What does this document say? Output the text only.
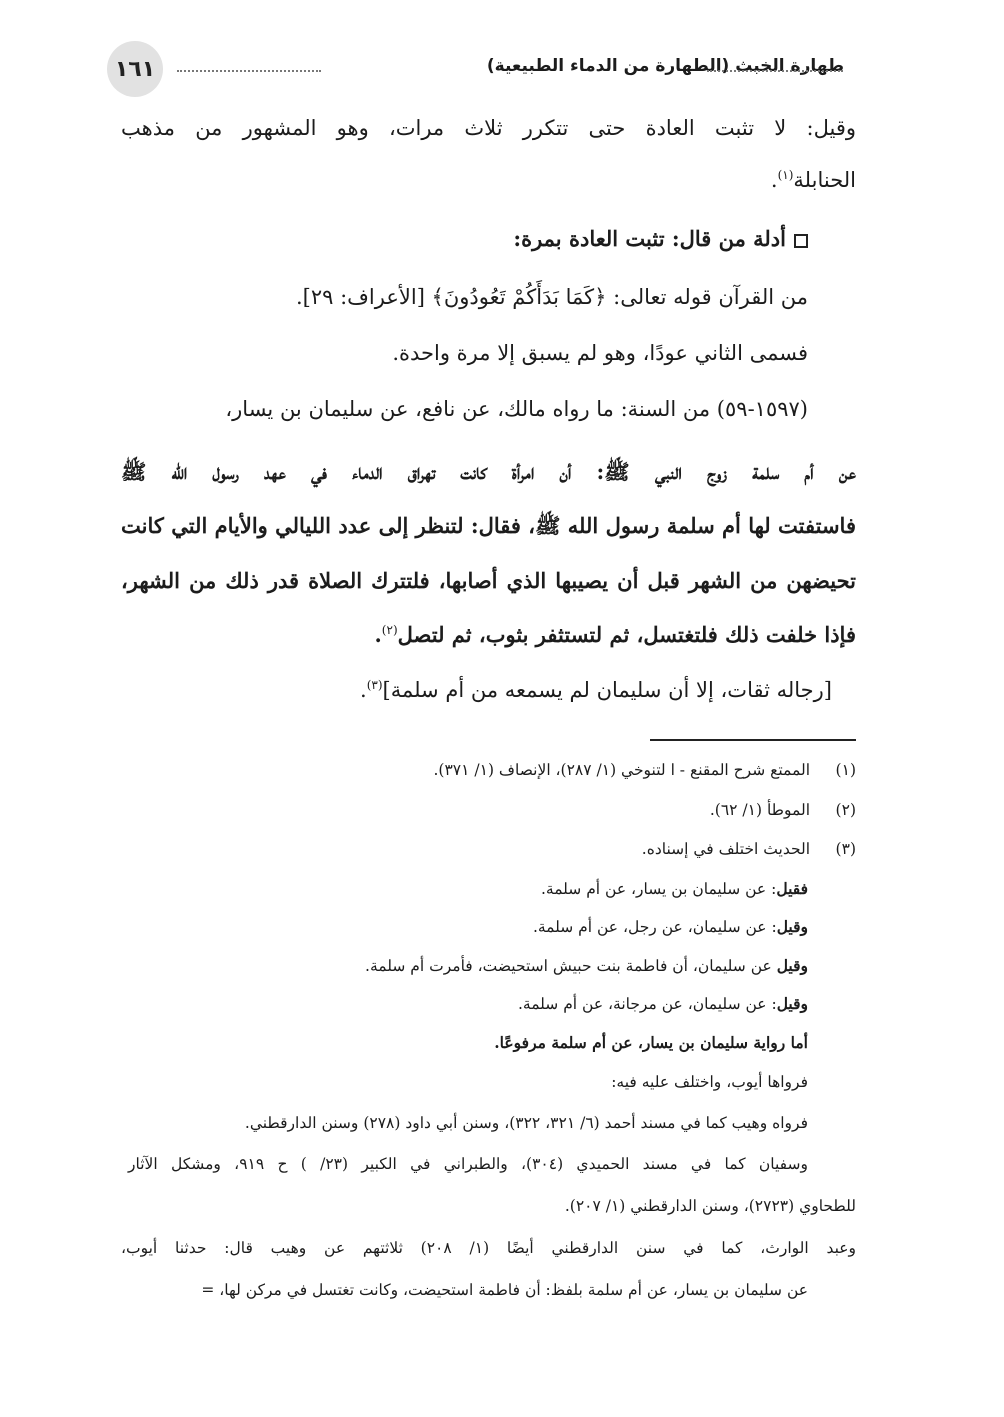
١٦١	طهارة الخبث (الطهارة من الدماء الطبيعية)
وقيل: لا تثبت العادة حتى تتكرر ثلاث مرات، وهو المشهور من مذهب
الحنابلة$^{(١)}$.
أدلة من قال: تثبت العادة بمرة:
من القرآن قوله تعالى: ﴿كَمَا بَدَأَكُمْ تَعُودُونَ﴾ [الأعراف: ٢٩].
فسمى الثاني عودًا، وهو لم يسبق إلا مرة واحدة.
(١٥٩٧-٥٩) من السنة: ما رواه مالك، عن نافع، عن سليمان بن يسار،
عن أم سلمة زوج النبي ﷺ: أن امرأة كانت تهراق الدماء في عهد رسول الله ﷺ
فاستفتت لها أم سلمة رسول الله ﷺ، فقال: لتنظر إلى عدد الليالي والأيام التي كانت
تحيضهن من الشهر قبل أن يصيبها الذي أصابها، فلتترك الصلاة قدر ذلك من الشهر،
فإذا خلفت ذلك فلتغتسل، ثم لتستثفر بثوب، ثم لتصل$^{(٢)}$.
[رجاله ثقات، إلا أن سليمان لم يسمعه من أم سلمة]$^{(٣)}$.
(١)الممتع شرح المقنع - ا لتنوخي (١/ ٢٨٧)، الإنصاف (١/ ٣٧١).
(٢)الموطأ (١/ ٦٢).
(٣)الحديث اختلف في إسناده.
فقيل: عن سليمان بن يسار، عن أم سلمة.
وقيل: عن سليمان، عن رجل، عن أم سلمة.
وقيل عن سليمان، أن فاطمة بنت حبيش استحيضت، فأمرت أم سلمة.
وقيل: عن سليمان، عن مرجانة، عن أم سلمة.
أما رواية سليمان بن يسار، عن أم سلمة مرفوعًا.
فرواها أيوب، واختلف عليه فيه:
فرواه وهيب كما في مسند أحمد (٦/ ٣٢١، ٣٢٢)، وسنن أبي داود (٢٧٨) وسنن الدارقطني.
وسفيان كما في مسند الحميدي (٣٠٤)، والطبراني في الكبير (٢٣/ ) ح ٩١٩، ومشكل الآثار
للطحاوي (٢٧٢٣)، وسنن الدارقطني (١/ ٢٠٧).
وعبد الوارث، كما في سنن الدارقطني أيضًا (١/ ٢٠٨) ثلاثتهم عن وهيب قال: حدثنا أيوب،
عن سليمان بن يسار، عن أم سلمة بلفظ: أن فاطمة استحيضت، وكانت تغتسل في مركن لها، =
